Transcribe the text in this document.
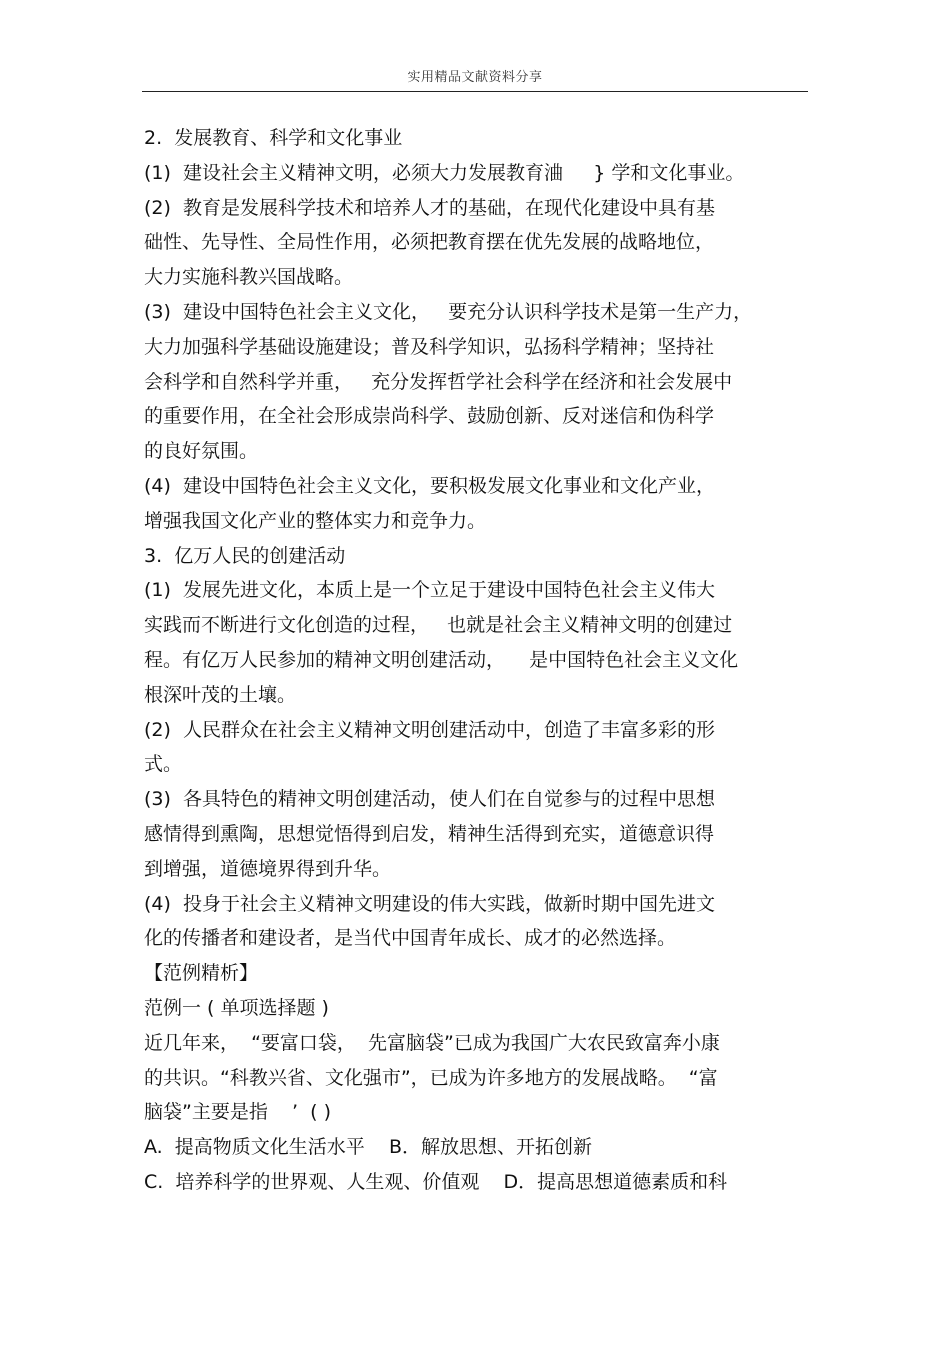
实用精品文献资料分享
2.  发展教育、科学和文化事业
(1)  建设社会主义精神文明，必须大力发展教育浀     } 学和文化事业。
(2)  教育是发展科学技术和培养人才的基础，在现代化建设中具有基
础性、先导性、全局性作用，必须把教育摆在优先发展的战略地位，
大力实施科教兴国战略。
(3)  建设中国特色社会主义文化，   要充分认识科学技术是第一生产力，
大力加强科学基础设施建设；普及科学知识，弘扬科学精神；坚持社
会科学和自然科学并重，   充分发挥哲学社会科学在经济和社会发展中
的重要作用，在全社会形成崇尚科学、鼓励创新、反对迷信和伪科学
的良好氛围。
(4)  建设中国特色社会主义文化，要积极发展文化事业和文化产业，
增强我国文化产业的整体实力和竞争力。
3.  亿万人民的创建活动
(1)  发展先进文化，本质上是一个立足于建设中国特色社会主义伟大
实践而不断进行文化创造的过程，   也就是社会主义精神文明的创建过
程。有亿万人民参加的精神文明创建活动，    是中国特色社会主义文化
根深叶茂的土壤。
(2)  人民群众在社会主义精神文明创建活动中，创造了丰富多彩的形
式。
(3)  各具特色的精神文明创建活动，使人们在自觉参与的过程中思想
感情得到熏陶，思想觉悟得到启发，精神生活得到充实，道德意识得
到增强，道德境界得到升华。
(4)  投身于社会主义精神文明建设的伟大实践，做新时期中国先进文
化的传播者和建设者，是当代中国青年成长、成才的必然选择。
【范例精析】
范例一 ( 单项选择题 )
近几年来，  “要富口袋，  先富脑袋”已成为我国广大农民致富奔小康
的共识。“科教兴省、文化强市”，已成为许多地方的发展战略。  “富
脑袋”主要是指    ’  ( )
A.  提高物质文化生活水平    B．解放思想、开拓创新
C.  培养科学的世界观、人生观、价值观    D．提高思想道德素质和科
